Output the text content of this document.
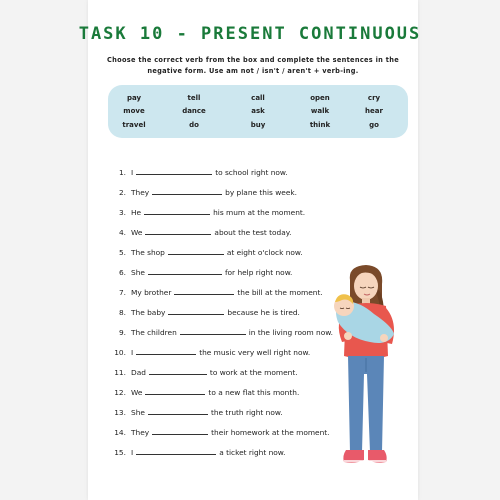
TASK 10 - PRESENT CONTINUOUS
Choose the correct verb from the box and complete the sentences in the
negative form. Use am not / isn't / aren't + verb-ing.
pay	tell	call	open	cry
move	dance	ask	walk	hear
travel	do	buy	think	go
1. I	to school right now.
2. They	by plane this week.
3. He	his mum at the moment.
4. We	about the test today.
5. The shop	at eight o'clock now.
6. She	for help right now.
7. My brother	the bill at the moment.
8. The baby	because he is tired.
9. The children	in the living room now.
10. I	the music very well right now.
11. Dad	to work at the moment.
12. We	to a new flat this month.
13. She	the truth right now.
14. They	their homework at the moment.
15. I	a ticket right now.
